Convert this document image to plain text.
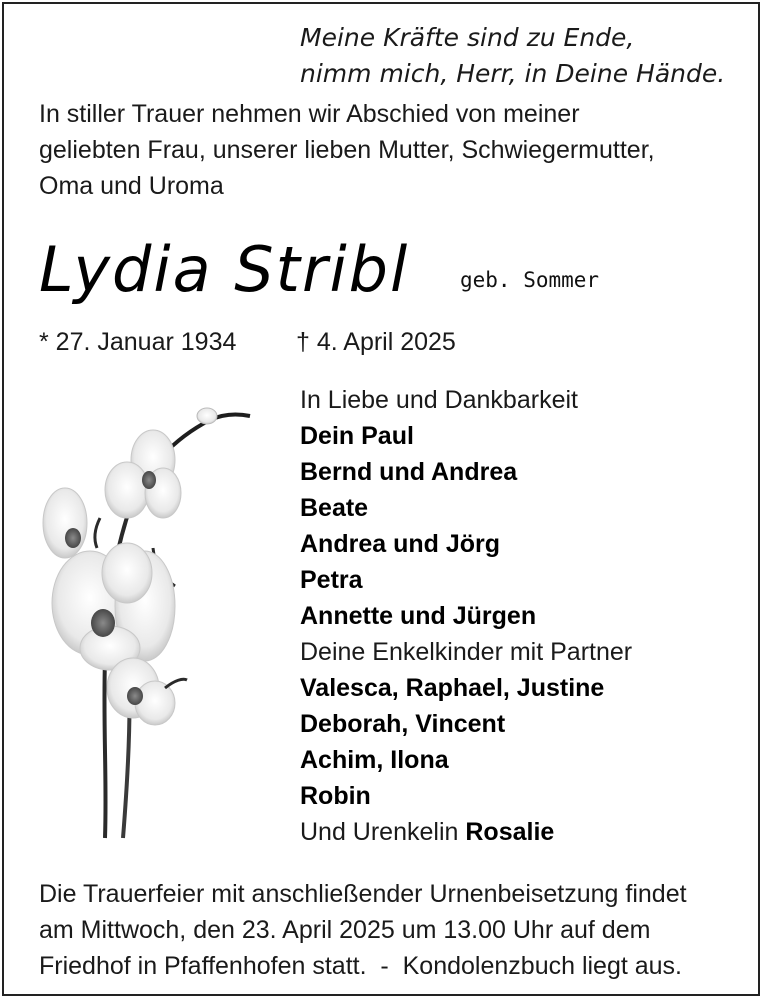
Meine Kräfte sind zu Ende,
nimm mich, Herr, in Deine Hände.
In stiller Trauer nehmen wir Abschied von meiner
geliebten Frau, unserer lieben Mutter, Schwiegermutter,
Oma und Uroma
Lydia Stribl geb. Sommer
* 27. Januar 1934 † 4. April 2025
In Liebe und Dankbarkeit
Dein Paul
Bernd und Andrea
Beate
Andrea und Jörg
Petra
Annette und Jürgen
Deine Enkelkinder mit Partner
Valesca, Raphael, Justine
Deborah, Vincent
Achim, Ilona
Robin
Und Urenkelin Rosalie
Die Trauerfeier mit anschließender Urnenbeisetzung findet
am Mittwoch, den 23. April 2025 um 13.00 Uhr auf dem
Friedhof in Pfaffenhofen statt.  -  Kondolenzbuch liegt aus.
